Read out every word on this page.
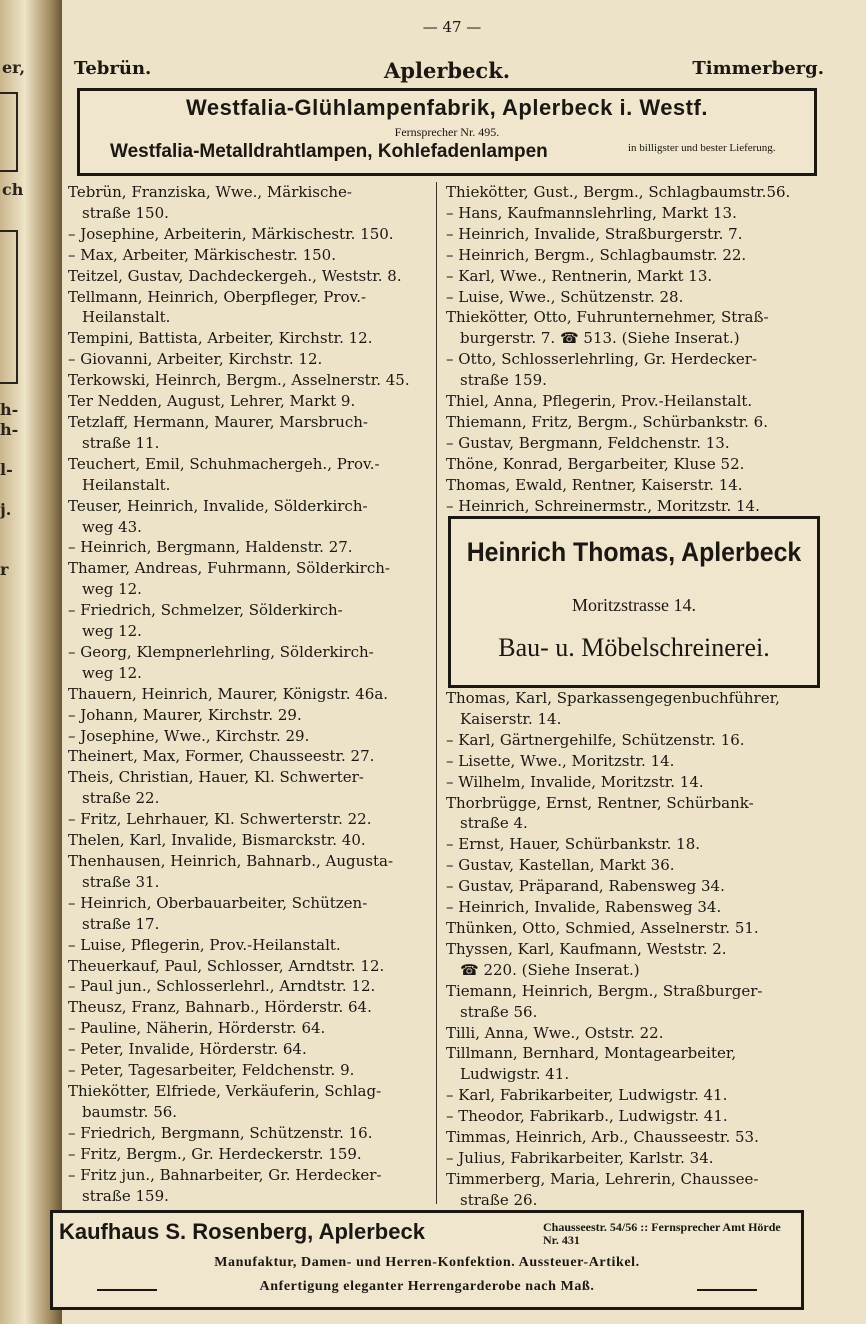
er,
ch
h-
h-
l-
j.
r
— 47 —
Tebrün.	Aplerbeck.	Timmerberg.
Westfalia-Glühlampenfabrik, Aplerbeck i. Westf.
Fernsprecher Nr. 495.
Westfalia-Metalldrahtlampen, Kohlefadenlampen	in billigster und bester Lieferung.
Tebrün, Franziska, Wwe., Märkische-
straße 150.
– Josephine, Arbeiterin, Märkischestr. 150.
– Max, Arbeiter, Märkischestr. 150.
Teitzel, Gustav, Dachdeckergeh., Weststr. 8.
Tellmann, Heinrich, Oberpfleger, Prov.-
Heilanstalt.
Tempini, Battista, Arbeiter, Kirchstr. 12.
– Giovanni, Arbeiter, Kirchstr. 12.
Terkowski, Heinrch, Bergm., Asselnerstr. 45.
Ter Nedden, August, Lehrer, Markt 9.
Tetzlaff, Hermann, Maurer, Marsbruch-
straße 11.
Teuchert, Emil, Schuhmachergeh., Prov.-
Heilanstalt.
Teuser, Heinrich, Invalide, Sölderkirch-
weg 43.
– Heinrich, Bergmann, Haldenstr. 27.
Thamer, Andreas, Fuhrmann, Sölderkirch-
weg 12.
– Friedrich, Schmelzer, Sölderkirch-
weg 12.
– Georg, Klempnerlehrling, Sölderkirch-
weg 12.
Thauern, Heinrich, Maurer, Königstr. 46a.
– Johann, Maurer, Kirchstr. 29.
– Josephine, Wwe., Kirchstr. 29.
Theinert, Max, Former, Chausseestr. 27.
Theis, Christian, Hauer, Kl. Schwerter-
straße 22.
– Fritz, Lehrhauer, Kl. Schwerterstr. 22.
Thelen, Karl, Invalide, Bismarckstr. 40.
Thenhausen, Heinrich, Bahnarb., Augusta-
straße 31.
– Heinrich, Oberbauarbeiter, Schützen-
straße 17.
– Luise, Pflegerin, Prov.-Heilanstalt.
Theuerkauf, Paul, Schlosser, Arndtstr. 12.
– Paul jun., Schlosserlehrl., Arndtstr. 12.
Theusz, Franz, Bahnarb., Hörderstr. 64.
– Pauline, Näherin, Hörderstr. 64.
– Peter, Invalide, Hörderstr. 64.
– Peter, Tagesarbeiter, Feldchenstr. 9.
Thiekötter, Elfriede, Verkäuferin, Schlag-
baumstr. 56.
– Friedrich, Bergmann, Schützenstr. 16.
– Fritz, Bergm., Gr. Herdeckerstr. 159.
– Fritz jun., Bahnarbeiter, Gr. Herdecker-
straße 159.
Thiekötter, Gust., Bergm., Schlagbaumstr.56.
– Hans, Kaufmannslehrling, Markt 13.
– Heinrich, Invalide, Straßburgerstr. 7.
– Heinrich, Bergm., Schlagbaumstr. 22.
– Karl, Wwe., Rentnerin, Markt 13.
– Luise, Wwe., Schützenstr. 28.
Thiekötter, Otto, Fuhrunternehmer, Straß-
burgerstr. 7. ☎ 513. (Siehe Inserat.)
– Otto, Schlosserlehrling, Gr. Herdecker-
straße 159.
Thiel, Anna, Pflegerin, Prov.-Heilanstalt.
Thiemann, Fritz, Bergm., Schürbankstr. 6.
– Gustav, Bergmann, Feldchenstr. 13.
Thöne, Konrad, Bergarbeiter, Kluse 52.
Thomas, Ewald, Rentner, Kaiserstr. 14.
– Heinrich, Schreinermstr., Moritzstr. 14.
Heinrich Thomas, Aplerbeck
Moritzstrasse 14.
Bau- u. Möbelschreinerei.
Thomas, Karl, Sparkassengegenbuchführer,
Kaiserstr. 14.
– Karl, Gärtnergehilfe, Schützenstr. 16.
– Lisette, Wwe., Moritzstr. 14.
– Wilhelm, Invalide, Moritzstr. 14.
Thorbrügge, Ernst, Rentner, Schürbank-
straße 4.
– Ernst, Hauer, Schürbankstr. 18.
– Gustav, Kastellan, Markt 36.
– Gustav, Präparand, Rabensweg 34.
– Heinrich, Invalide, Rabensweg 34.
Thünken, Otto, Schmied, Asselnerstr. 51.
Thyssen, Karl, Kaufmann, Weststr. 2.
☎ 220. (Siehe Inserat.)
Tiemann, Heinrich, Bergm., Straßburger-
straße 56.
Tilli, Anna, Wwe., Oststr. 22.
Tillmann, Bernhard, Montagearbeiter,
Ludwigstr. 41.
– Karl, Fabrikarbeiter, Ludwigstr. 41.
– Theodor, Fabrikarb., Ludwigstr. 41.
Timmas, Heinrich, Arb., Chausseestr. 53.
– Julius, Fabrikarbeiter, Karlstr. 34.
Timmerberg, Maria, Lehrerin, Chaussee-
straße 26.
Kaufhaus S. Rosenberg, Aplerbeck	Chausseestr. 54/56 :: Fernsprecher Amt Hörde Nr. 431
Manufaktur, Damen- und Herren-Konfektion. Aussteuer-Artikel.
Anfertigung eleganter Herrengarderobe nach Maß.
